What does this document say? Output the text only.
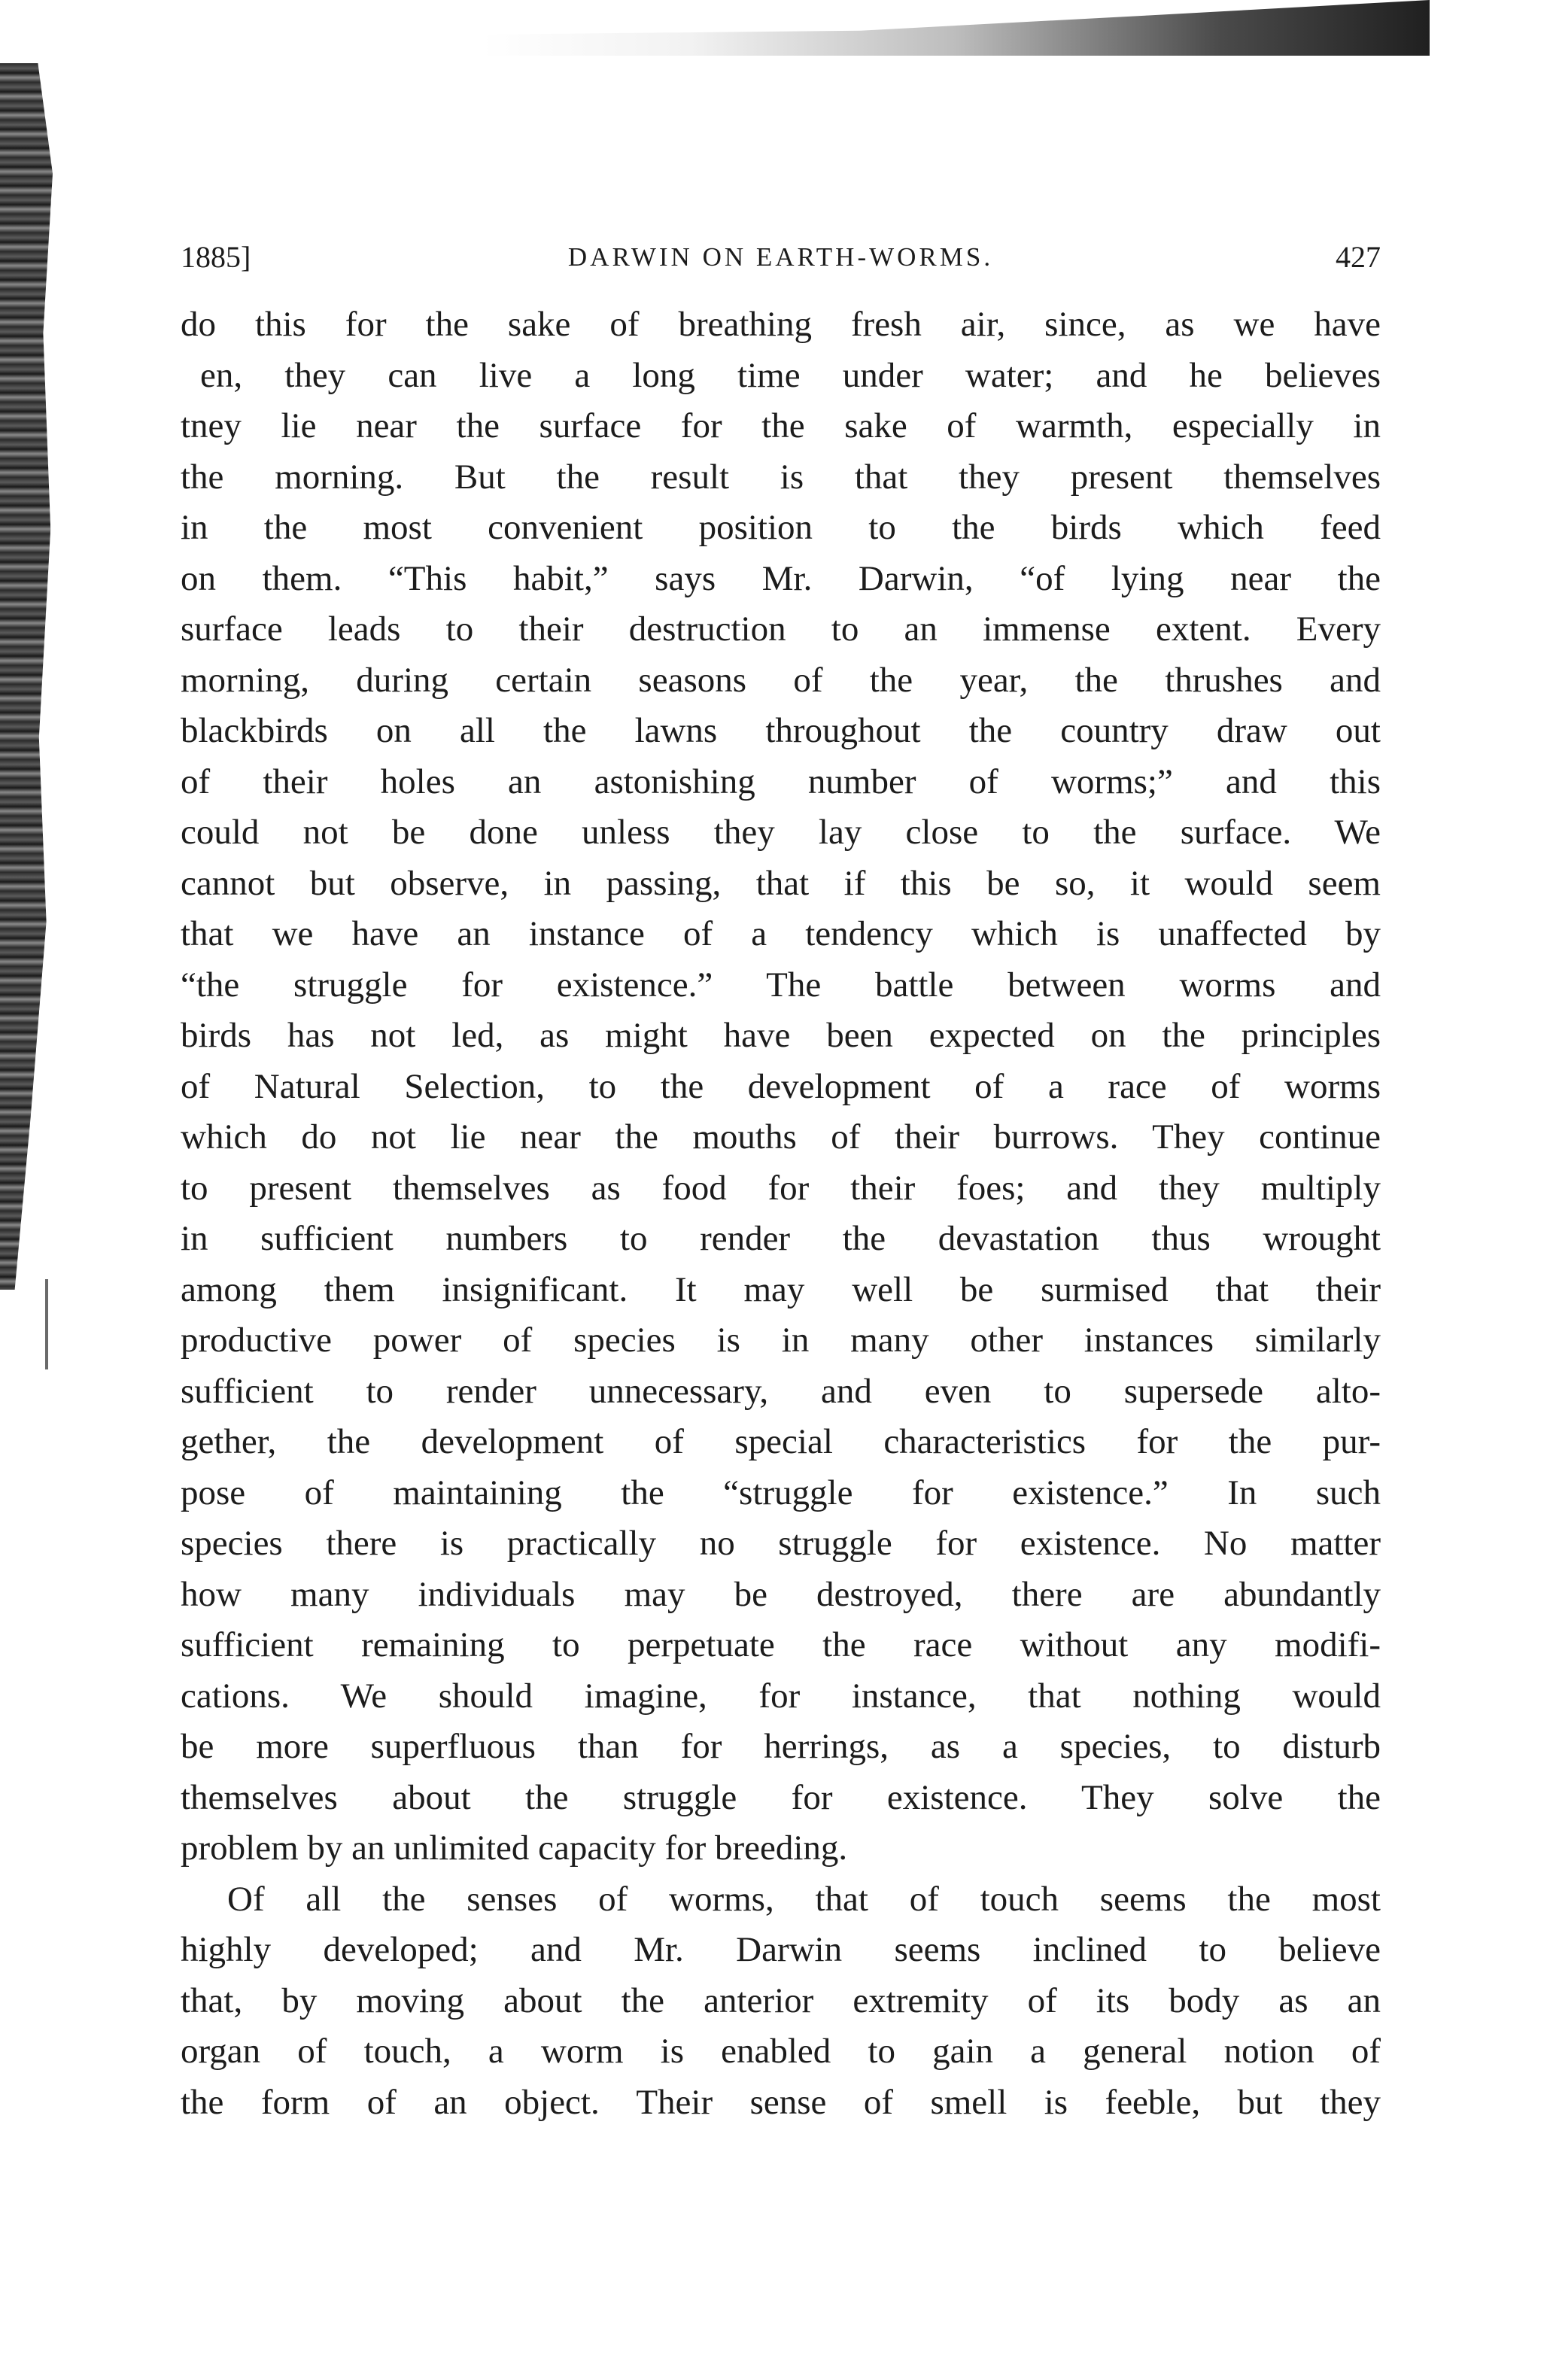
1885]	DARWIN ON EARTH-WORMS.	427
do this for the sake of breathing fresh air, since, as we have
en, they can live a long time under water; and he believes
tney lie near the surface for the sake of warmth, especially in
the morning. But the result is that they present themselves
in the most convenient position to the birds which feed
on them. “This habit,” says Mr. Darwin, “of lying near the
surface leads to their destruction to an immense extent. Every
morning, during certain seasons of the year, the thrushes and
blackbirds on all the lawns throughout the country draw out
of their holes an astonishing number of worms;” and this
could not be done unless they lay close to the surface. We
cannot but observe, in passing, that if this be so, it would seem
that we have an instance of a tendency which is unaffected by
“the struggle for existence.” The battle between worms and
birds has not led, as might have been expected on the principles
of Natural Selection, to the development of a race of worms
which do not lie near the mouths of their burrows. They continue
to present themselves as food for their foes; and they multiply
in sufficient numbers to render the devastation thus wrought
among them insignificant. It may well be surmised that their
productive power of species is in many other instances similarly
sufficient to render unnecessary, and even to supersede alto-
gether, the development of special characteristics for the pur-
pose of maintaining the “struggle for existence.” In such
species there is practically no struggle for existence. No matter
how many individuals may be destroyed, there are abundantly
sufficient remaining to perpetuate the race without any modifi-
cations. We should imagine, for instance, that nothing would
be more superfluous than for herrings, as a species, to disturb
themselves about the struggle for existence. They solve the
problem by an unlimited capacity for breeding.
Of all the senses of worms, that of touch seems the most
highly developed; and Mr. Darwin seems inclined to believe
that, by moving about the anterior extremity of its body as an
organ of touch, a worm is enabled to gain a general notion of
the form of an object. Their sense of smell is feeble, but they
